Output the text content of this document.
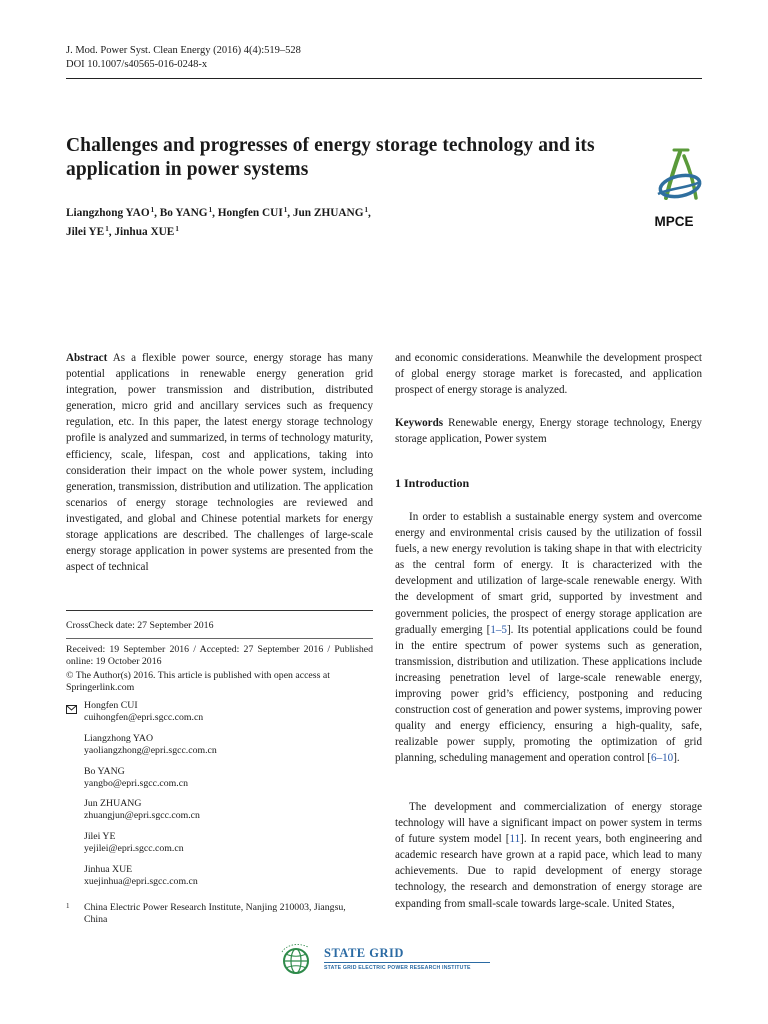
J. Mod. Power Syst. Clean Energy (2016) 4(4):519–528
DOI 10.1007/s40565-016-0248-x
Challenges and progresses of energy storage technology and its application in power systems
Liangzhong YAO$^1$, Bo YANG$^1$, Hongfen CUI$^1$, Jun ZHUANG$^1$,
Jilei $YE^1$, Jinhua XUE$^1$	MPCE
Abstract As a flexible power source, energy storage has many potential applications in renewable energy generation grid integration, power transmission and distribution, distributed generation, micro grid and ancillary services such as frequency regulation, etc. In this paper, the latest energy storage technology profile is analyzed and summarized, in terms of technology maturity, efficiency, scale, lifespan, cost and applications, taking into consideration their impact on the whole power system, including generation, transmission, distribution and utilization. The application scenarios of energy storage technologies are reviewed and investigated, and global and Chinese potential markets for energy storage applications are described. The challenges of large-scale energy storage application in power systems are presented from the aspect of technical
CrossCheck date: 27 September 2016
Received: 19 September 2016 / Accepted: 27 September 2016 / Published online: 19 October 2016
© The Author(s) 2016. This article is published with open access at Springerlink.com
Hongfen CUI
cuihongfen@epri.sgcc.com.cn
Liangzhong YAO
yaoliangzhong@epri.sgcc.com.cn
Bo YANG
yangbo@epri.sgcc.com.cn
Jun ZHUANG
zhuangjun@epri.sgcc.com.cn
Jilei YE
yejilei@epri.sgcc.com.cn
Jinhua XUE
xuejinhua@epri.sgcc.com.cn
1 China Electric Power Research Institute, Nanjing 210003, Jiangsu, China
and economic considerations. Meanwhile the development prospect of global energy storage market is forecasted, and application prospect of energy storage is analyzed.
Keywords Renewable energy, Energy storage technology, Energy storage application, Power system
1 Introduction
In order to establish a sustainable energy system and overcome energy and environmental crisis caused by the utilization of fossil fuels, a new energy revolution is taking shape in that with electricity as the central form of energy. It is characterized with the development and utilization of large-scale renewable energy. With the development of smart grid, supported by investment and government policies, the prospect of energy storage application are gradually emerging [1–5]. Its potential applications could be found in the entire spectrum of power systems such as generation, transmission, distribution and utilization. These applications include increasing penetration level of large-scale renewable energy, improving power grid’s efficiency, postponing and reducing construction cost of generation and power systems, improving power quality and energy efficiency, ensuring a high-quality, safe, realizable power supply, promoting the optimization of grid planning, scheduling management and operation control [6–10].
The development and commercialization of energy storage technology will have a significant impact on power system in terms of future system model [11]. In recent years, both engineering and academic research have grown at a rapid pace, which lead to many achievements. Due to rapid development of energy storage technology, the research and demonstration of energy storage are expanding from small-scale towards large-scale. United States,
STATE GRID
STATE GRID ELECTRIC POWER RESEARCH INSTITUTE
